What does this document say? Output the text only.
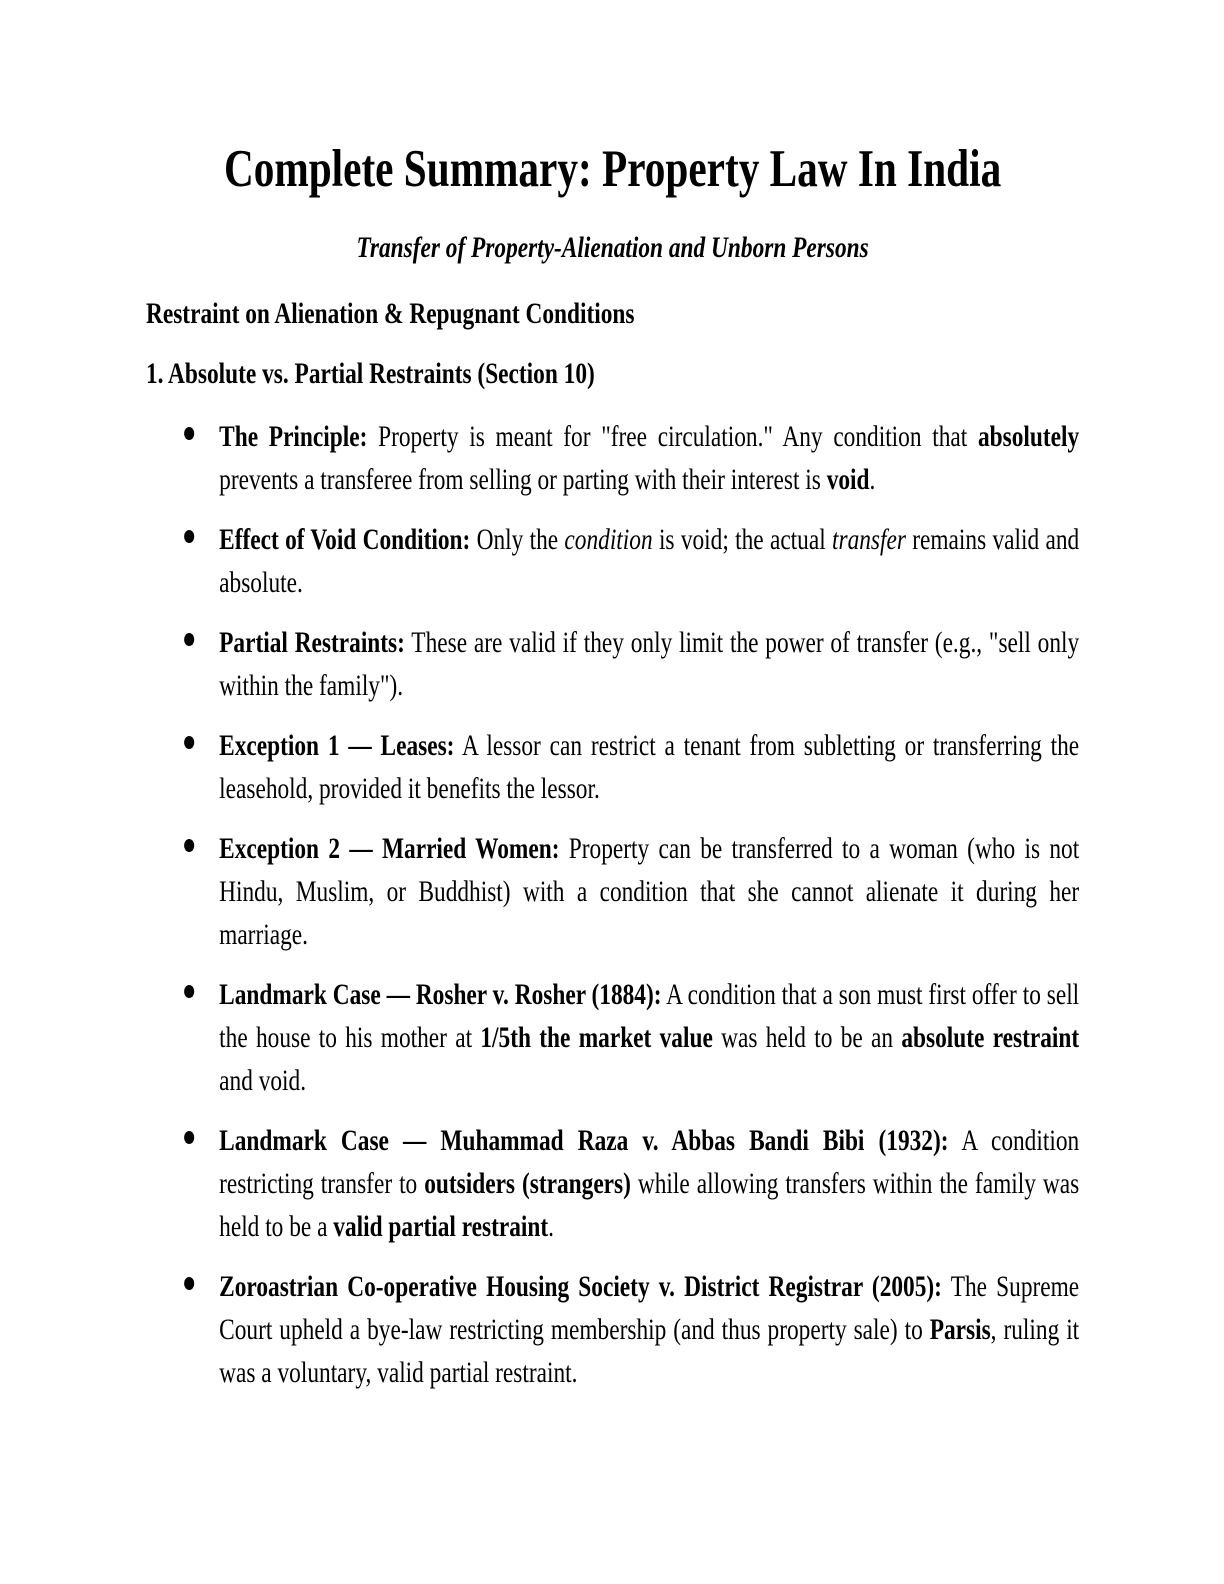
Complete Summary: Property Law In India
Transfer of Property-Alienation and Unborn Persons
Restraint on Alienation & Repugnant Conditions
1. Absolute vs. Partial Restraints (Section 10)
The Principle: Property is meant for "free circulation." Any condition that absolutely prevents a transferee from selling or parting with their interest is void.
Effect of Void Condition: Only the condition is void; the actual transfer remains valid and absolute.
Partial Restraints: These are valid if they only limit the power of transfer (e.g., "sell only within the family").
Exception 1 — Leases: A lessor can restrict a tenant from subletting or transferring the leasehold, provided it benefits the lessor.
Exception 2 — Married Women: Property can be transferred to a woman (who is not Hindu, Muslim, or Buddhist) with a condition that she cannot alienate it during her marriage.
Landmark Case — Rosher v. Rosher (1884): A condition that a son must first offer to sell the house to his mother at 1/5th the market value was held to be an absolute restraint and void.
Landmark Case — Muhammad Raza v. Abbas Bandi Bibi (1932): A condition restricting transfer to outsiders (strangers) while allowing transfers within the family was held to be a valid partial restraint.
Zoroastrian Co-operative Housing Society v. District Registrar (2005): The Supreme Court upheld a bye-law restricting membership (and thus property sale) to Parsis, ruling it was a voluntary, valid partial restraint.
